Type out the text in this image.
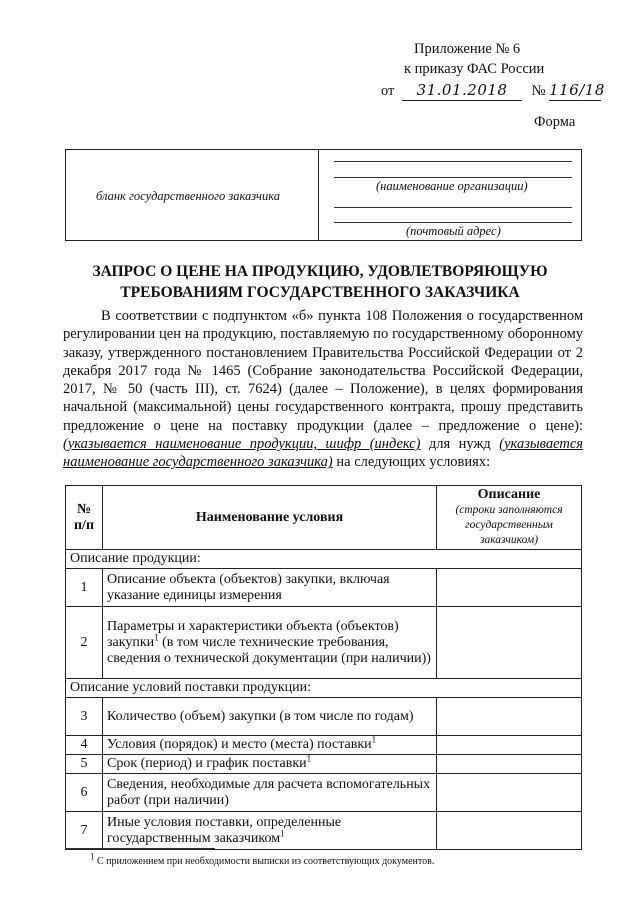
Приложение № 6
к приказу ФАС России
от 31.01.2018 № 116/18
Форма
бланк государственного заказчика
(наименование организации)
(почтовый адрес)
ЗАПРОС О ЦЕНЕ НА ПРОДУКЦИЮ, УДОВЛЕТВОРЯЮЩУЮ
ТРЕБОВАНИЯМ ГОСУДАРСТВЕННОГО ЗАКАЗЧИКА
В соответствии с подпунктом «б» пункта 108 Положения о государственном регулировании цен на продукцию, поставляемую по государственному оборонному заказу, утвержденного постановлением Правительства Российской Федерации от 2 декабря 2017 года № 1465 (Собрание законодательства Российской Федерации, 2017, № 50 (часть III), ст. 7624) (далее – Положение), в целях формирования начальной (максимальной) цены государственного контракта, прошу представить предложение о цене на поставку продукции (далее – предложение о цене): (указывается наименование продукции, шифр (индекс) для нужд (указывается наименование государственного заказчика) на следующих условиях:
№ п/п	Наименование условия	Описание
(строки заполняются государственным заказчиком)

Описание продукции:		
1	Описание объекта (объектов) закупки, включая указание единицы измерения	
2	Параметры и характеристики объекта (объектов) закупки$^1$ (в том числе технические требования, сведения о технической документации (при наличии))	
Описание условий поставки продукции:		
3	Количество (объем) закупки (в том числе по годам)	
4	Условия (порядок) и место (места) поставки$^1$	
5	Срок (период) и график поставки$^1$	
6	Сведения, необходимые для расчета вспомогательных работ (при наличии)	
7	Иные условия поставки, определенные государственным заказчиком$^1$	
$^1$ С приложением при необходимости выписки из соответствующих документов.
